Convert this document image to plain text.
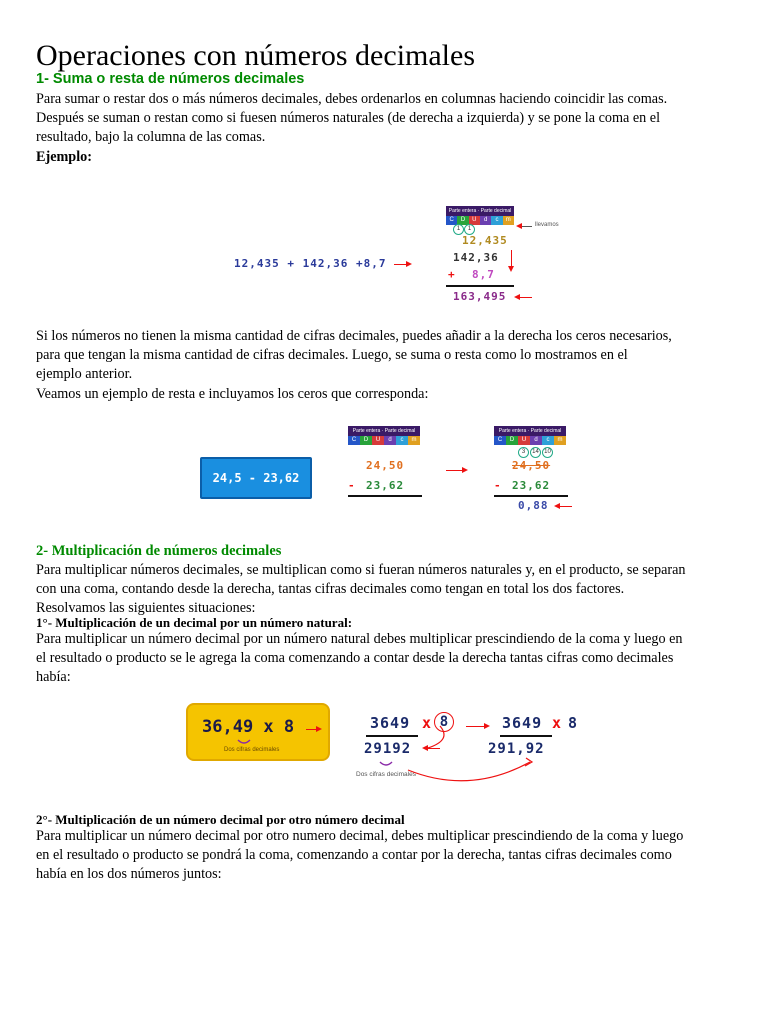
Operaciones con números decimales
1- Suma o resta de números decimales

Para sumar o restar dos o más números decimales, debes ordenarlos en columnas haciendo coincidir las comas.
Después se suman o restan como si fuesen números naturales (de derecha a izquierda) y se pone la coma en el
resultado, bajo la columna de las comas.
Ejemplo:

12,435 + 142,36 +8,7
Parte entera · Parte decimal
C	D	U	d	c	m
llevamos
1	1
12,435
142,36
+ 8,7
163,495

Si los números no tienen la misma cantidad de cifras decimales, puedes añadir a la derecha los ceros necesarios,
para que tengan la misma cantidad de cifras decimales. Luego, se suma o resta como lo mostramos en el
ejemplo anterior.
Veamos un ejemplo de resta e incluyamos los ceros que corresponda:

24,5 - 23,62
Parte entera · Parte decimal
C	D	U	d	c	m
24,50
- 23,62
Parte entera · Parte decimal
C	D	U	d	c	m
3	14 10
24,50
- 23,62
0,88
2- Multiplicación de números decimales

Para multiplicar números decimales, se multiplican como si fueran números naturales y, en el producto, se separan
con una coma, contando desde la derecha, tantas cifras decimales como tengan en total los dos factores.
Resolvamos las siguientes situaciones:

1°- Multiplicación de un decimal por un número natural:

Para multiplicar un número decimal por un número natural debes multiplicar prescindiendo de la coma y luego en
el resultado o producto se le agrega la coma comenzando a contar desde la derecha tantas cifras como decimales
había:

36,49 x 8
Dos cifras decimales
3649 x 8
29192
Dos cifras decimales
3649 x 8
291,92
2°- Multiplicación de un número decimal por otro número decimal

Para multiplicar un número decimal por otro numero decimal, debes multiplicar prescindiendo de la coma y luego
en el resultado o producto se pondrá la coma, comenzando a contar por la derecha, tantas cifras decimales como
había en los dos números juntos:
